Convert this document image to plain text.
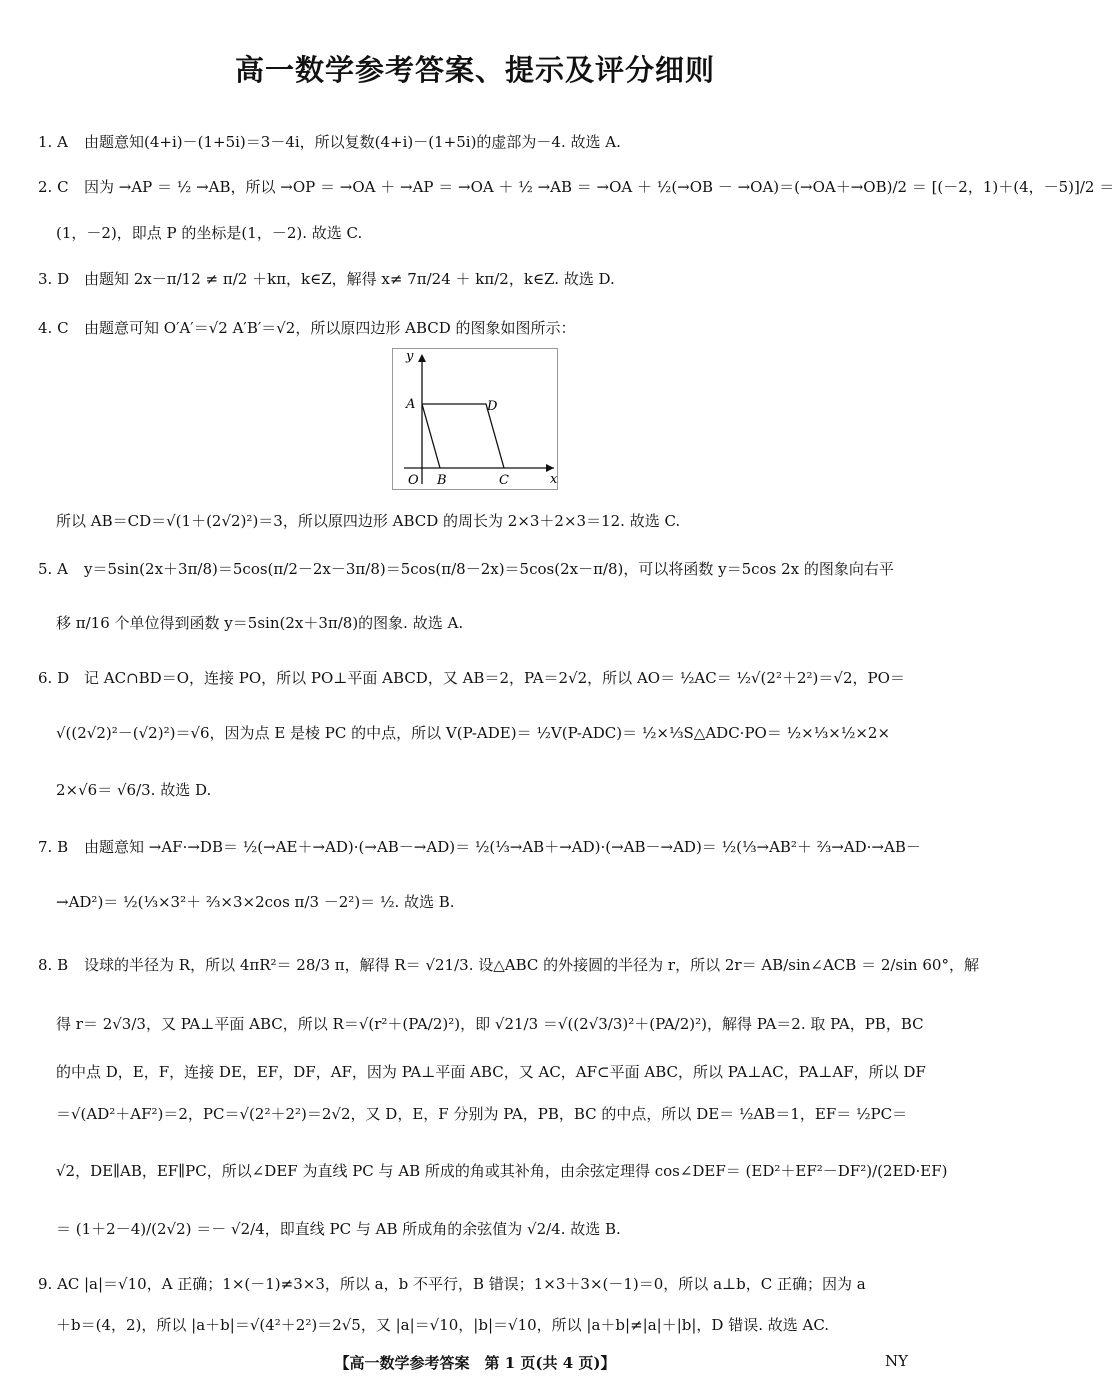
高一数学参考答案、提示及评分细则
1. A 由题意知(4+i)－(1+5i)＝3－4i，所以复数(4+i)－(1+5i)的虚部为－4. 故选 A.
2. C 因为 →AP ＝ ½ →AB，所以 →OP ＝ →OA ＋ →AP ＝ →OA ＋ ½ →AB ＝ →OA ＋ ½(→OB － →OA)＝(→OA＋→OB)/2 ＝ [(－2，1)＋(4，－5)]/2 ＝
(1，－2)，即点 P 的坐标是(1，－2). 故选 C.
3. D 由题知 2x－π/12 ≠ π/2 ＋kπ，k∈Z，解得 x≠ 7π/24 ＋ kπ/2，k∈Z. 故选 D.
4. C 由题意可知 O′A′＝√2 A′B′＝√2，所以原四边形 ABCD 的图象如图所示：
y
x
A	D
O B	C
所以 AB＝CD＝√(1＋(2√2)²)＝3，所以原四边形 ABCD 的周长为 2×3＋2×3＝12. 故选 C.
5. A y＝5sin(2x＋3π/8)＝5cos(π/2－2x－3π/8)＝5cos(π/8－2x)＝5cos(2x－π/8)，可以将函数 y＝5cos 2x 的图象向右平
移 π/16 个单位得到函数 y＝5sin(2x＋3π/8)的图象. 故选 A.
6. D 记 AC∩BD＝O，连接 PO，所以 PO⊥平面 ABCD，又 AB＝2，PA＝2√2，所以 AO＝ ½AC＝ ½√(2²＋2²)＝√2，PO＝
√((2√2)²－(√2)²)＝√6，因为点 E 是棱 PC 的中点，所以 V(P-ADE)＝ ½V(P-ADC)＝ ½×⅓S△ADC·PO＝ ½×⅓×½×2×
2×√6＝ √6/3. 故选 D.
7. B 由题意知 →AF·→DB＝ ½(→AE＋→AD)·(→AB－→AD)＝ ½(⅓→AB＋→AD)·(→AB－→AD)＝ ½(⅓→AB²＋ ⅔→AD·→AB－
→AD²)＝ ½(⅓×3²＋ ⅔×3×2cos π/3 －2²)＝ ½. 故选 B.
8. B 设球的半径为 R，所以 4πR²＝ 28/3 π，解得 R＝ √21/3. 设△ABC 的外接圆的半径为 r，所以 2r＝ AB/sin∠ACB ＝ 2/sin 60°，解
得 r＝ 2√3/3，又 PA⊥平面 ABC，所以 R＝√(r²＋(PA/2)²)，即 √21/3 ＝√((2√3/3)²＋(PA/2)²)，解得 PA＝2. 取 PA，PB，BC
的中点 D，E，F，连接 DE，EF，DF，AF，因为 PA⊥平面 ABC，又 AC，AF⊂平面 ABC，所以 PA⊥AC，PA⊥AF，所以 DF
＝√(AD²＋AF²)＝2，PC＝√(2²＋2²)＝2√2，又 D，E，F 分别为 PA，PB，BC 的中点，所以 DE＝ ½AB＝1，EF＝ ½PC＝
√2，DE∥AB，EF∥PC，所以∠DEF 为直线 PC 与 AB 所成的角或其补角，由余弦定理得 cos∠DEF＝ (ED²＋EF²－DF²)/(2ED·EF)
＝ (1＋2－4)/(2√2) ＝－ √2/4，即直线 PC 与 AB 所成角的余弦值为 √2/4. 故选 B.
9. AC |a|＝√10，A 正确；1×(－1)≠3×3，所以 a，b 不平行，B 错误；1×3＋3×(－1)＝0，所以 a⊥b，C 正确；因为 a
＋b＝(4，2)，所以 |a＋b|＝√(4²＋2²)＝2√5，又 |a|＝√10，|b|＝√10，所以 |a＋b|≠|a|＋|b|，D 错误. 故选 AC.
【高一数学参考答案　第 1 页(共 4 页)】	NY
